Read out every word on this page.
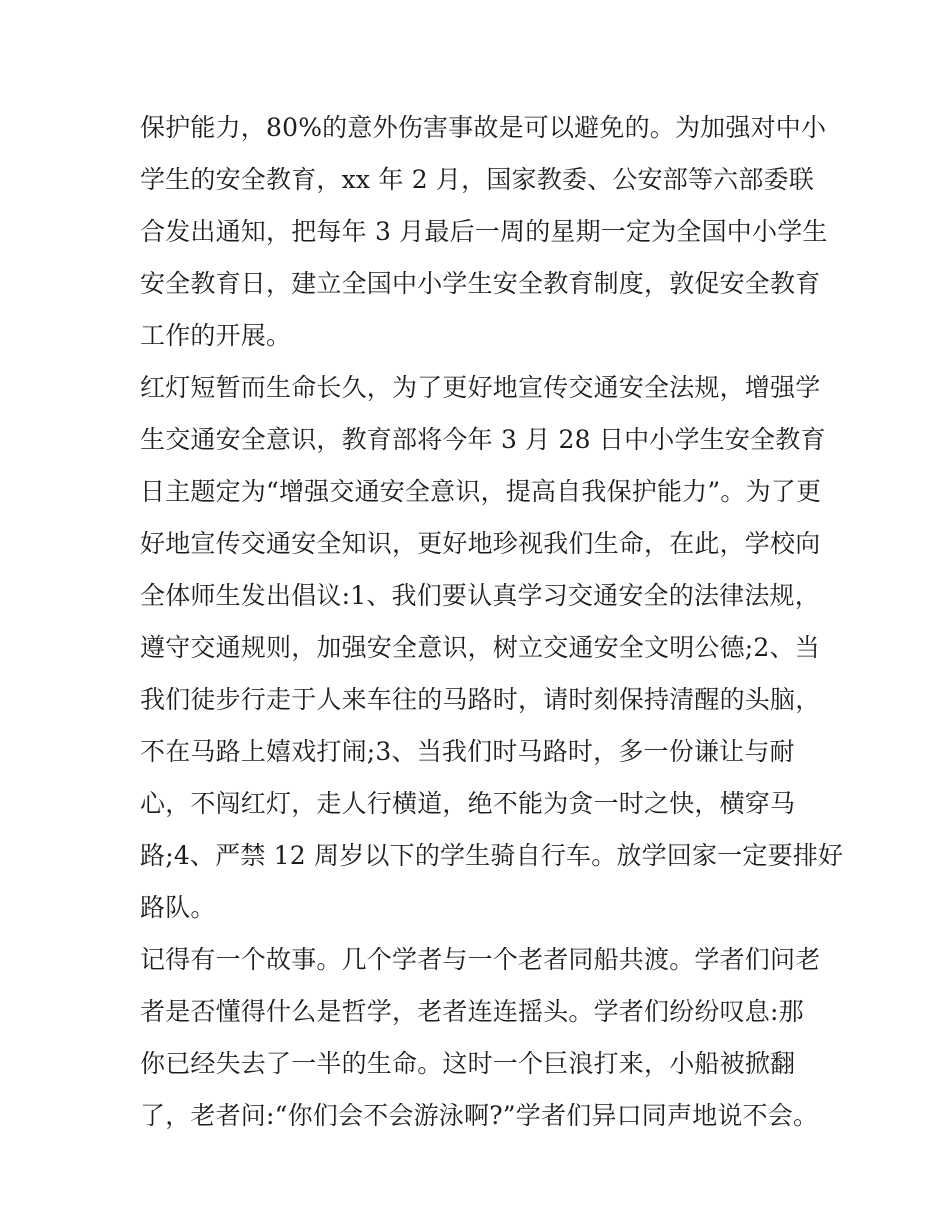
保护能力，80%的意外伤害事故是可以避免的。为加强对中小
学生的安全教育，xx 年 2 月，国家教委、公安部等六部委联
合发出通知，把每年 3 月最后一周的星期一定为全国中小学生
安全教育日，建立全国中小学生安全教育制度，敦促安全教育
工作的开展。
红灯短暂而生命长久，为了更好地宣传交通安全法规，增强学
生交通安全意识，教育部将今年 3 月 28 日中小学生安全教育
日主题定为“增强交通安全意识，提高自我保护能力”。为了更
好地宣传交通安全知识，更好地珍视我们生命，在此，学校向
全体师生发出倡议:1、我们要认真学习交通安全的法律法规，
遵守交通规则，加强安全意识，树立交通安全文明公德;2、当
我们徒步行走于人来车往的马路时，请时刻保持清醒的头脑，
不在马路上嬉戏打闹;3、当我们时马路时，多一份谦让与耐
心，不闯红灯，走人行横道，绝不能为贪一时之快，横穿马
路;4、严禁 12 周岁以下的学生骑自行车。放学回家一定要排好
路队。
记得有一个故事。几个学者与一个老者同船共渡。学者们问老
者是否懂得什么是哲学，老者连连摇头。学者们纷纷叹息:那
你已经失去了一半的生命。这时一个巨浪打来，小船被掀翻
了，老者问:“你们会不会游泳啊?”学者们异口同声地说不会。
